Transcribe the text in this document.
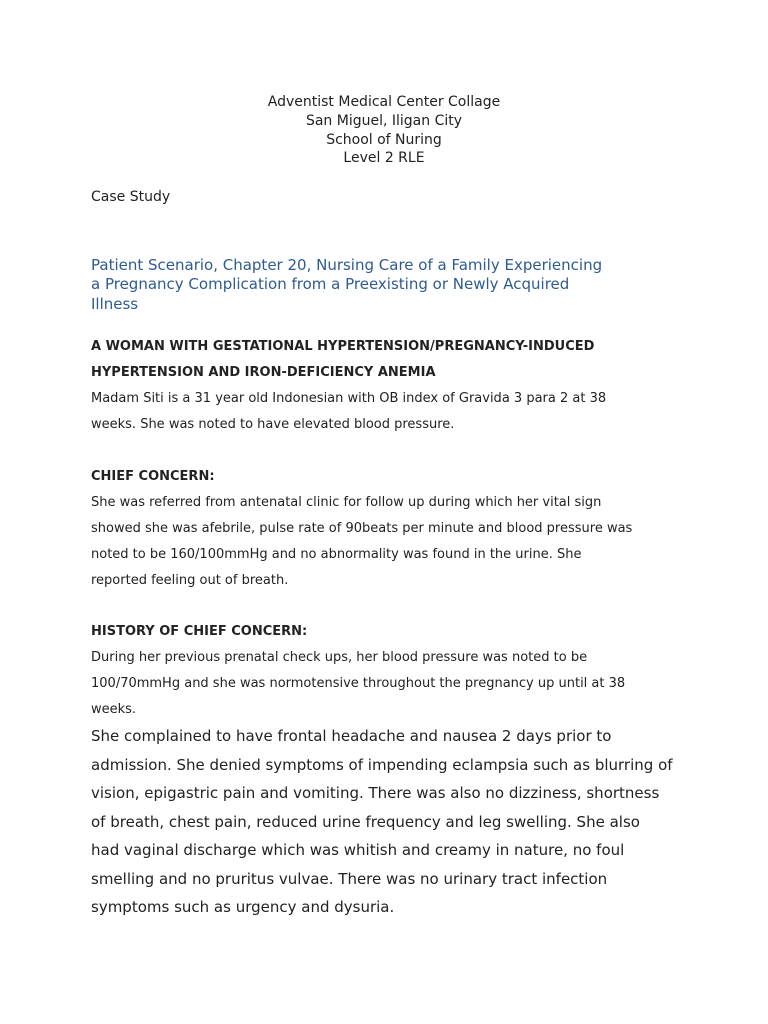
Adventist Medical Center Collage
San Miguel, Iligan City
School of Nuring
Level 2 RLE
Case Study
Patient Scenario, Chapter 20, Nursing Care of a Family Experiencing
a Pregnancy Complication from a Preexisting or Newly Acquired
Illness
A WOMAN WITH GESTATIONAL HYPERTENSION/PREGNANCY-INDUCED
HYPERTENSION AND IRON-DEFICIENCY ANEMIA
Madam Siti is a 31 year old Indonesian with OB index of Gravida 3 para 2 at 38
weeks. She was noted to have elevated blood pressure.
CHIEF CONCERN:
She was referred from antenatal clinic for follow up during which her vital sign
showed she was afebrile, pulse rate of 90beats per minute and blood pressure was
noted to be 160/100mmHg and no abnormality was found in the urine. She
reported feeling out of breath.
HISTORY OF CHIEF CONCERN:
During her previous prenatal check ups, her blood pressure was noted to be
100/70mmHg and she was normotensive throughout the pregnancy up until at 38
weeks.
She complained to have frontal headache and nausea 2 days prior to
admission. She denied symptoms of impending eclampsia such as blurring of
vision, epigastric pain and vomiting. There was also no dizziness, shortness
of breath, chest pain, reduced urine frequency and leg swelling. She also
had vaginal discharge which was whitish and creamy in nature, no foul
smelling and no pruritus vulvae. There was no urinary tract infection
symptoms such as urgency and dysuria.
